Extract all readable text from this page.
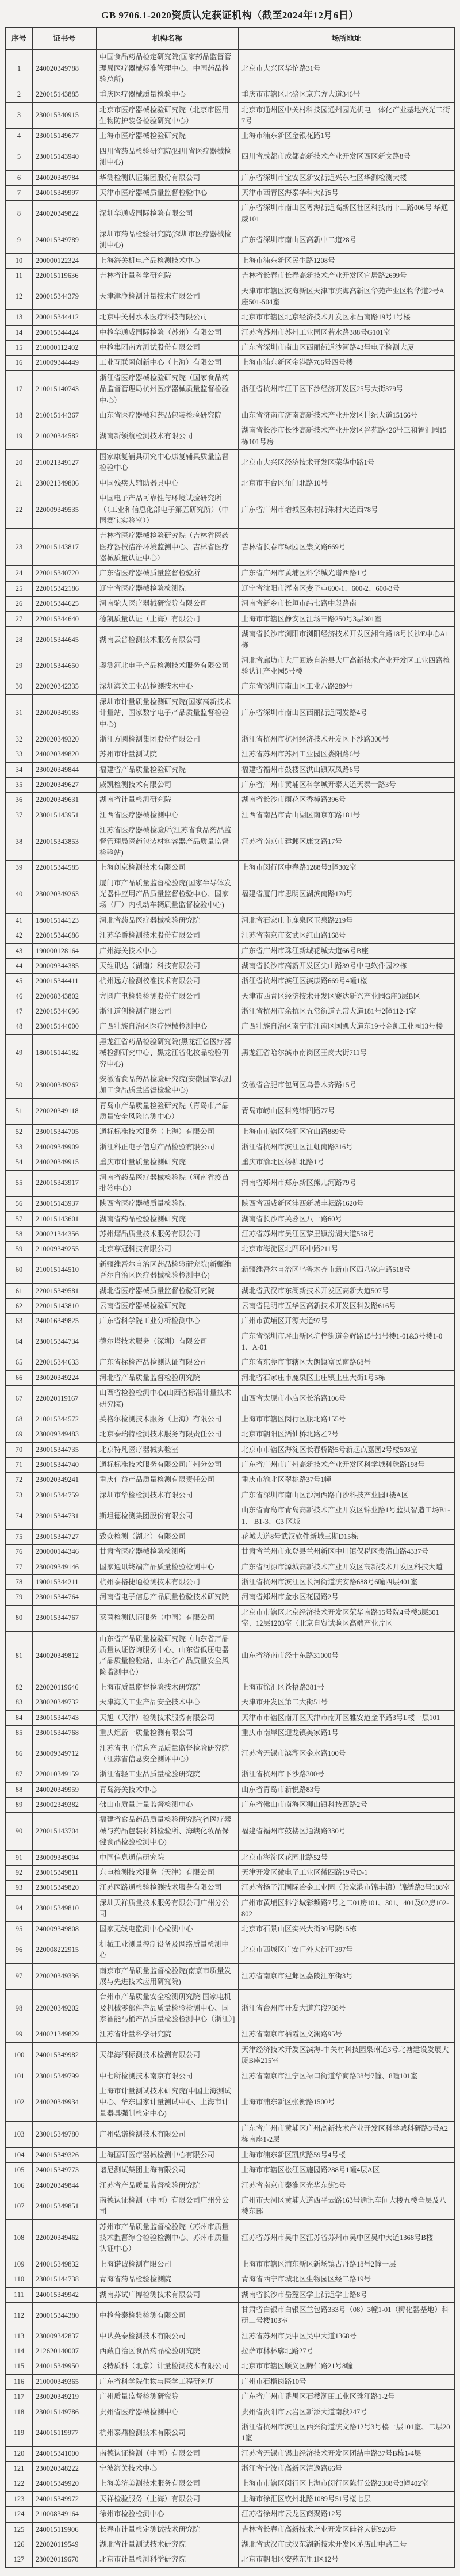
GB 9706.1-2020资质认定获证机构（截至2024年12月6日）
序号	证书号	机构名称	场所地址
1	240020349788	中国食品药品检定研究院(国家药品监督管理局医疗器械标准管理中心、中国药品检验总所)	北京市大兴区华佗路31号
2	220015143885	重庆医疗器械质量检验中心	重庆市市辖区北碚区京东方大道346号
3	230015340915	北京市医疗器械检验研究院（北京市医用生物防护装备检验研究中心）	北京市通州区中关村科技园通州园光机电一体化产业基地兴光二街7号
4	230015149677	上海市医疗器械检验研究院	上海市浦东新区金银花路1号
5	230015143940	四川省药品检验研究院(四川省医疗器械检测中心)	四川省成都市成都高新技术产业开发区西区新文路8号
6	240020349784	华测检测认证集团股份有限公司	广东省深圳市宝安区新安街道兴东社区华测检测大楼
7	240015349997	天津市医疗器械质量监督检验中心	天津市西青区海泰华科大街5号
8	240020349822	深圳华通威国际检验有限公司	广东省深圳市南山区粤海街道高新区社区科技南十二路006号 华通威101
9	240015349789	深圳市药品检验研究院(深圳市医疗器械检测中心)	广东省深圳市南山区高新中二道28号
10	200000122324	上海海关机电产品检测技术中心	上海市浦东新区民生路1208号
11	220015119636	吉林省计量科学研究院	吉林省长春市长春高新技术产业开发区宜居路2699号
12	200015344379	天津津净检测计量技术有限公司	天津市市辖区滨海新区天津市滨海高新区华苑产业区物华道2号A座501-504室
13	200015344412	北京中关村水木医疗科技有限公司	北京市市辖区北京经济技术开发区永昌南路19号1号楼
14	200015344424	中检华通威国际检验（苏州）有限公司	江苏省苏州市苏州工业园区若水路388号G101室
15	210000112402	中检集团南方测试股份有限公司	广东省深圳市南山区西丽街道沙河路43号电子检测大厦
16	210009344449	工业互联网创新中心（上海）有限公司	上海市浦东新区金港路766号四号楼
17	210015140743	浙江省医疗器械检验研究院（国家食品药品监督管理局杭州医疗器械质量监督检验中心）	浙江省杭州市江干区下沙经济开发区25号大街379号
18	210015144367	山东省医疗器械和药品包装检验研究院	山东省济南市济南高新技术产业开发区世纪大道15166号
19	210020344582	湖南新领航检测技术有限公司	湖南省长沙市长沙高新技术产业开发区谷苑路426号三和智汇园15栋101号房
20	210021349127	国家康复辅具研究中心康复辅具质量监督检验中心	北京市大兴区经济技术开发区荣华中路1号
21	230021349806	中国残疾人辅助器具中心	北京市丰台区角门北路10号
22	220009349535	中国电子产品可靠性与环境试验研究所（（工业和信息化部电子第五研究所）（中国赛宝实验室））	广东省广州市增城区朱村街朱村大道西78号
23	220015143817	吉林省医疗器械检验研究院（吉林省医药医疗器械洁净环境监测中心、吉林省医疗器械质量认证中心）	吉林省长春市绿园区崇文路669号
24	220015340720	广东省医疗器械质量监督检验所	广东省广州市黄埔区科学城光谱西路1号
25	220015342186	辽宁省医疗器械检验检测院	辽宁省沈阳市浑南区麦子屯600-1、600-2、600-3号
26	220015344625	河南驼人医疗器械研究院有限公司	河南省新乡市长垣市纬七路中段路南
27	220015344640	德凯质量认证（上海）有限公司	上海市市辖区静安区江场三路250号3层301室
28	220015344645	湖南云普检测技术服务有限公司	湖南省长沙市浏阳市浏阳经济技术开发区湘台路18号长沙E中心A1栋
29	220015344650	奥测河北电子产品检测技术服务有限公司	河北省廊坊市大厂回族自治县大厂高新技术产业开发区工业四路检验认证产业园5号楼
30	220020342335	深圳海关工业品检测技术中心	广东省深圳市南山区工业八路289号
31	220020349183	深圳市计量质量检测研究院(国家高新技术计量站、国家数字电子产品质量监督检验中心)	广东省深圳市南山区西丽街道同发路4号
32	220020349320	浙江方圆检测集团股份有限公司	浙江省杭州市杭州经济技术开发区下沙路300号
33	240020349820	苏州市计量测试院	江苏省苏州市苏州工业园区娄阳路6号
34	230020349844	福建省产品质量检验研究院	福建省福州市鼓楼区洪山镇双凤路6号
35	220020349627	威凯检测技术有限公司	广东省广州市黄埔区科学城开泰大道天泰一路3号
36	220020349631	湖南省计量检测研究院	湖南省长沙市雨花区香樟路396号
37	230015143951	江西省医疗器械检测中心	江西省南昌市青山湖区南京东路181号
38	220015343853	江苏省医疗器械检验所(江苏省食品药品监督管理局医药包装材料容器产品质量监督检验站)	江苏省南京市建邺区康文路17号
39	220015344585	上海创京检测技术有限公司	上海市闵行区中春路1288号3幢302室
40	230020349263	厦门市产品质量监督检验院(国家半导体发光器件应用产品质量监督检验中心、国家场（厂）内机动车辆质量监督检验中心)	福建省厦门市思明区湖滨南路170号
41	180015144123	河北省药品医疗器械检验研究院	河北省石家庄市鹿泉区玉泉路219号
42	220015344686	江苏华爵检测技术股份有限公司	江苏省南京市玄武区红山路168号
43	190000128164	广州海关技术中心	广东省广州市珠江新城花城大道66号B座
44	200009344385	天维讯达（湖南）科技有限公司	湖南省长沙市高新开发区尖山路39号中电软件园22栋
45	200015344411	杭州远方检测校准技术有限公司	浙江省杭州市滨江区滨康路669号4幢1楼
46	220008343802	方圆广电检验检测股份有限公司	天津市西青区经济技术开发区赛达新兴产业园G座3层B区
47	220015344696	浙江道创检测有限公司	浙江省杭州市余杭区五常街道五常大道181号2幢112-1室
48	230015144000	广西壮族自治区医疗器械检测中心	广西壮族自治区南宁市江南区国凯大道东19号金凯工业园13号楼
49	180015144182	黑龙江省药品检验研究院(黑龙江省医疗器械检测研究中心、黑龙江省化妆品检验研究中心)	黑龙江省哈尔滨市南岗区王岗大街711号
50	230000349262	安徽省食品药品检验研究院(安徽国家农副加工食品质量监督检验中心)	安徽省合肥市包河区乌鲁木齐路15号
51	220020349118	青岛市产品质量检验研究院（青岛市产品质量安全风险监测中心）	青岛市崂山区科苑纬四路77号
52	230015344705	通标标准技术服务（上海）有限公司	上海市市辖区徐汇区宜山路889号
53	240009349909	浙江科正电子信息产品检验有限公司	浙江省杭州市滨江区江虹南路316号
54	240020349915	重庆市计量质量检测研究院	重庆市渝北区杨柳北路1号
55	220015343917	河南省药品医疗器械检验院（河南省疫苗批签中心）	河南省郑州市郑东新区熊儿河路79号
56	230015143937	陕西省医疗器械质量检验院	陕西省西咸新区沣西新城丰耘路1620号
57	210015143601	湖南省药品检验检测研究院	湖南省长沙市芙蓉区八一路60号
58	200021344356	苏州熠品质量技术服务有限公司	江苏省苏州市吴江区黎里镇汾湖大道558号
59	210009349255	北京尊冠科技有限公司	北京市海淀区北四环中路211号
60	210015144510	新疆维吾尔自治区药品检验研究院(新疆维吾尔自治区医疗器械检验检测中心)	新疆维吾尔自治区乌鲁木齐市新市区西八家户路518号
61	220015349581	湖北省医疗器械质量监督检验研究院	湖北省武汉市东湖新技术开发区高新大道507号
62	220015143810	云南省医疗器械检验研究院	云南省昆明市五华区高新技术开发区科发路616号
63	240016349825	广东省科学院工业分析检测中心	广州市黄埔区开源大道97号
64	230015344734	德尔塔技术服务（深圳）有限公司	广东省深圳市坪山新区坑梓街道金辉路15号1号楼1-01&3号楼1-01、A-01
65	220015344633	广东省标检产品检测认证有限公司	广东省东莞市市辖区大朗镇富民南路68号
66	230020349224	河北省产品质量监督检验研究院	河北省石家庄市鹿泉区上庄镇上庄大街1号5栋
67	220020119167	山西省检验检测中心(山西省标准计量技术研究院)	山西省太原市小店区长治路106号
68	210015344572	英格尔检测技术服务（上海）有限公司	上海市市辖区闵行区瓶北路155号
69	230009349483	北京泰瑞特检测技术服务有限责任公司	北京市朝阳区酒仙桥北路乙7号
70	230015344735	北京特凡医疗器械实验室	北京市市辖区海淀区长春桥路5号新起点嘉园2号楼503室
71	230015344740	通标标准技术服务有限公司广州分公司	广东省广州市广州高新技术产业开发区科学城科珠路198号
72	230020349241	重庆仕益产品质量检测有限责任公司	重庆市渝北区翠桃路37号1幢
73	230015344759	深圳市华检检测技术有限公司	广东省深圳市南山区沙河西路白沙科技产业园1楼A区
74	230015344731	斯坦德检测集团股份有限公司	山东省青岛市青岛高新技术产业开发区锦业路1号蓝贝智造工场B1-1、 B1-3、C3 区域
75	230015344727	致众检测（湖北）有限公司	花城大道8号武汉软件新城三期D15栋
76	200000144346	甘肃省医疗器械检验检测所	甘肃省兰州市永登县兰州新区中川镇保税区贵清山路4337号
77	230009349146	国家通讯终端产品质量检验检测中心	广东省河源市源城高新技术产业开发区高新技术开发区科技大道
78	190015344211	杭州泰格捷通检测技术有限公司	浙江省杭州市滨江区长河街道滨安路688号6幢四层401室
79	230015344764	河南省电子信息产品质量检验技术研究院	河南省郑州市金水区花园路2号
80	230015344767	莱茵检测认证服务（中国）有限公司	北京市市辖区北京经济技术开发区荣华南路15号院4号楼3层301室、12层1203室（北京自贸试验区高端产业片区
81	240020349812	山东省产品质量检验研究院（山东省产品质量认证咨询服务中心、山东省低压电器产品质量检验站、山东省产品质量安全风险监测中心）	山东省济南市经十东路31000号
82	220020119646	上海市质量监督检验技术研究院	上海市徐汇区苍梧路381号
83	230020349732	天津海关工业产品安全技术中心	天津市开发区第二大街51号
84	230015344743	天旭（天津）检测技术服务有限公司	天津市市辖区南开区天津市南开区雅安道金平路3号L楼一层101
85	230015344768	重庆炬新一质量检测有限公司	重庆市南岸区迎龙镇美家路1号
86	230009349712	江苏省电子信息产品质量监督检验研究院（江苏省信息安全测评中心）	江苏省无锡市滨湖区金水路100号
87	220010349159	浙江省轻工业品质量检验研究院	浙江省杭州市下沙路300号
88	240020349959	青岛海关技术中心	山东省青岛市新悦路83号
89	230002349382	佛山市质量计量监督检测中心	广东省佛山市南海区狮山镇科技西路2号
90	220015143704	福建省食品药品质量检验研究院(省医疗器械与药品包装材料检验所、海峡化妆品保健食品检验检测中心)	福建省福州市鼓楼区通湖路330号
91	230009349094	中国信息通信研究院	北京市海淀区花园北路52号
92	230015349811	东电检测技术服务（天津）有限公司	天津开发区微电子工业区微四路19号D-1
93	230015349820	江苏医路通检验检测技术服务有限公司	江苏省扬子江国际冶金工业园（张家港市锦丰镇）锦绣路3号108室
94	230015349810	深圳天祥质量技术服务有限公司广州分公司	广州市黄埔区科学城彩频路7号之二01房101、301、401及02房102-802
95	240009349808	国家无线电监测中心检测中心	北京市石景山区实兴大街30号院15栋
96	220008222915	机械工业测量控制设备及网络质量检测中心	北京市西城区广安门外大街甲397号
97	220020349336	南京市产品质量监督检验院(南京市质量发展与先进技术应用研究院)	江苏省南京市建邺区嘉陵江东街3号
98	220020349202	台州市产品质量安全检测研究院[国家电机及机械零部件产品质量检验检测中心、国家智能马桶产品质量检验检测中心（浙江）]	浙江省台州市开发大道东段788号
99	240021349829	江苏省计量科学研究院	江苏省南京市栖霞区文澜路95号
100	240015349982	天津海河标测技术检测有限公司	天津经济技术开发区滨海-中关村科技园泉州道3号北塘建设发展大厦B座215室
101	230015349799	中七所检测技术南京有限公司	江苏省南京市江宁区禄口街道华商路38号7幢、8幢101室
102	240020349934	上海市计量测试技术研究院(中国上海测试中心、华东国家计量测试中心、上海市计量器具强制检定中心)	上海市浦东新区张衡路1500号
103	230015349780	广州弘诺检测技术有限公司	广东省广州市黄埔区广州高新技术产业开发区科学城科研路3号A2栋南座1-2层
104	240015349326	上海国研医疗器械检测中心有限公司	上海市浦东新区凯庆路59号4号楼
105	240015349773	谱尼测试集团上海有限公司	上海市市辖区松江区施园路288号1幢4层A区
106	240020349844	江苏省产品质量监督检验研究院	江苏省南京市秦淮区光华东街5号
107	240015349851	南德认证检测（中国）有限公司广州分公司	广州市天河区黄埔大道西平云路163号通讯车间大楼五楼全层及八楼东部
108	220020349462	苏州市产品质量监督检验院（苏州市质量技术监督综合检验检测中心、苏州市质量认证中心）	江苏省苏州市吴中区江苏省苏州市吴中区吴中大道1368号B楼
109	240015349832	上海诺诚检测有限公司	上海市市辖区浦东新区新场镇古丹路18号2幢一层
110	230015144738	青海省药品检验检测院	青海省西宁市城北区生物园区经二路19号
111	240015349942	湖南苏试广博检测技术有限公司	湖南省长沙市岳麓区学士街道学士路8号
112	200015344380	中检普泰检验检测有限公司	甘肃省白银市白银区兰包路333号（08）3幢1-01（孵化器基地）科研二号楼103室
113	230009342837	中认英泰检测技术有限公司	江苏省苏州市吴中区吴中大道1368号
114	212620140007	西藏自治区食品药品检验研究院	拉萨市林林廓北路27号
115	240015349950	飞特质科（北京）计量检测技术有限公司	北京市市辖区顺义区腾仁路21号8幢
116	210000349365	广东省科学院生物与医学工程研究所	广州市石榴岗路10号
117	230020349219	广州质量监督检测研究院	广东省广州市番禺区石楼潮田工业区珠江路1-2号
118	230015149786	贵州省医疗器械检测中心	贵州省贵阳市云岩区新添大道南段247号
119	240015119977	杭州泰鼎检测技术有限公司	浙江省杭州市滨江区西兴街道滨文路12号3号楼一层101室、二层201室
120	240015341000	南德认证检测（中国）有限公司	江苏省无锡市锡山经济技术开发区团结中路37号B栋1-4层
121	230020348222	宁波海关技术中心	浙江省宁波市高新区清逸路66号
122	240015349920	上海美济美测技术服务有限公司	上海市市辖区闵行区上海市闵行区陈行公路2388号3幢402室
123	240015349972	天祥检验服务（上海）有限公司	上海市徐汇区钦州北路1089号51号楼七层
124	210008349164	徐州市检验检测中心	江苏省徐州市云龙区商聚路12号
125	240015119906	长春市计量检定测试技术研究院	吉林省长春市高新技术产业开发区硅谷大街928号
126	220020119549	湖北省计量测试技术研究院	湖北省武汉市武汉东湖新技术开发区茅店山中路二号
127	230020119670	北京市计量检测科学研究院	北京市朝阳区安苑东里1区12号
